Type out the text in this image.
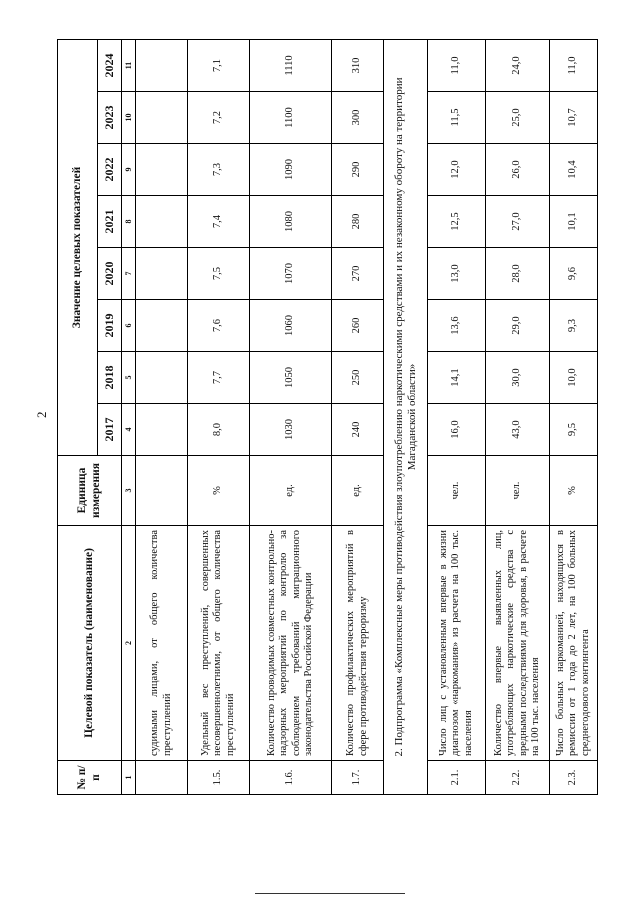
2
№ п/п	Целевой показатель (наименование)	Единица измерения	Значение целевых показателей							
			2017	2018	2019	2020	2021	2022	2023	2024
1	2	3	4	5	6	7	8	9	10	11
	судимыми лицами, от общего количества преступлений									
1.5.	Удельный вес преступлений, совершенных несовершеннолетними, от общего количества преступлений	%	8,0	7,7	7,6	7,5	7,4	7,3	7,2	7,1
1.6.	Количество проводимых совместных контрольно-надзорных мероприятий по контролю за соблюдением требований миграционного законодательства Российской Федерации	ед.	1030	1050	1060	1070	1080	1090	1100	1110
1.7.	Количество профилактических мероприятий в сфере противодействия терроризму	ед.	240	250	260	270	280	290	300	310
2. Подпрограмма «Комплексные меры противодействия злоупотреблению наркотическими средствами и их незаконному обороту на территории Магаданской области»										
2.1.	Число лиц с установленным впервые в жизни диагнозом «наркомания» из расчета на 100 тыс. населения	чел.	16,0	14,1	13,6	13,0	12,5	12,0	11,5	11,0
2.2.	Количество впервые выявленных лиц, употребляющих наркотические средства с вредными последствиями для здоровья, в расчете на 100 тыс. населения	чел.	43,0	30,0	29,0	28,0	27,0	26,0	25,0	24,0
2.3.	Число больных наркоманией, находящихся в ремиссии от 1 года до 2 лет, на 100 больных среднегодового контингента	%	9,5	10,0	9,3	9,6	10,1	10,4	10,7	11,0
